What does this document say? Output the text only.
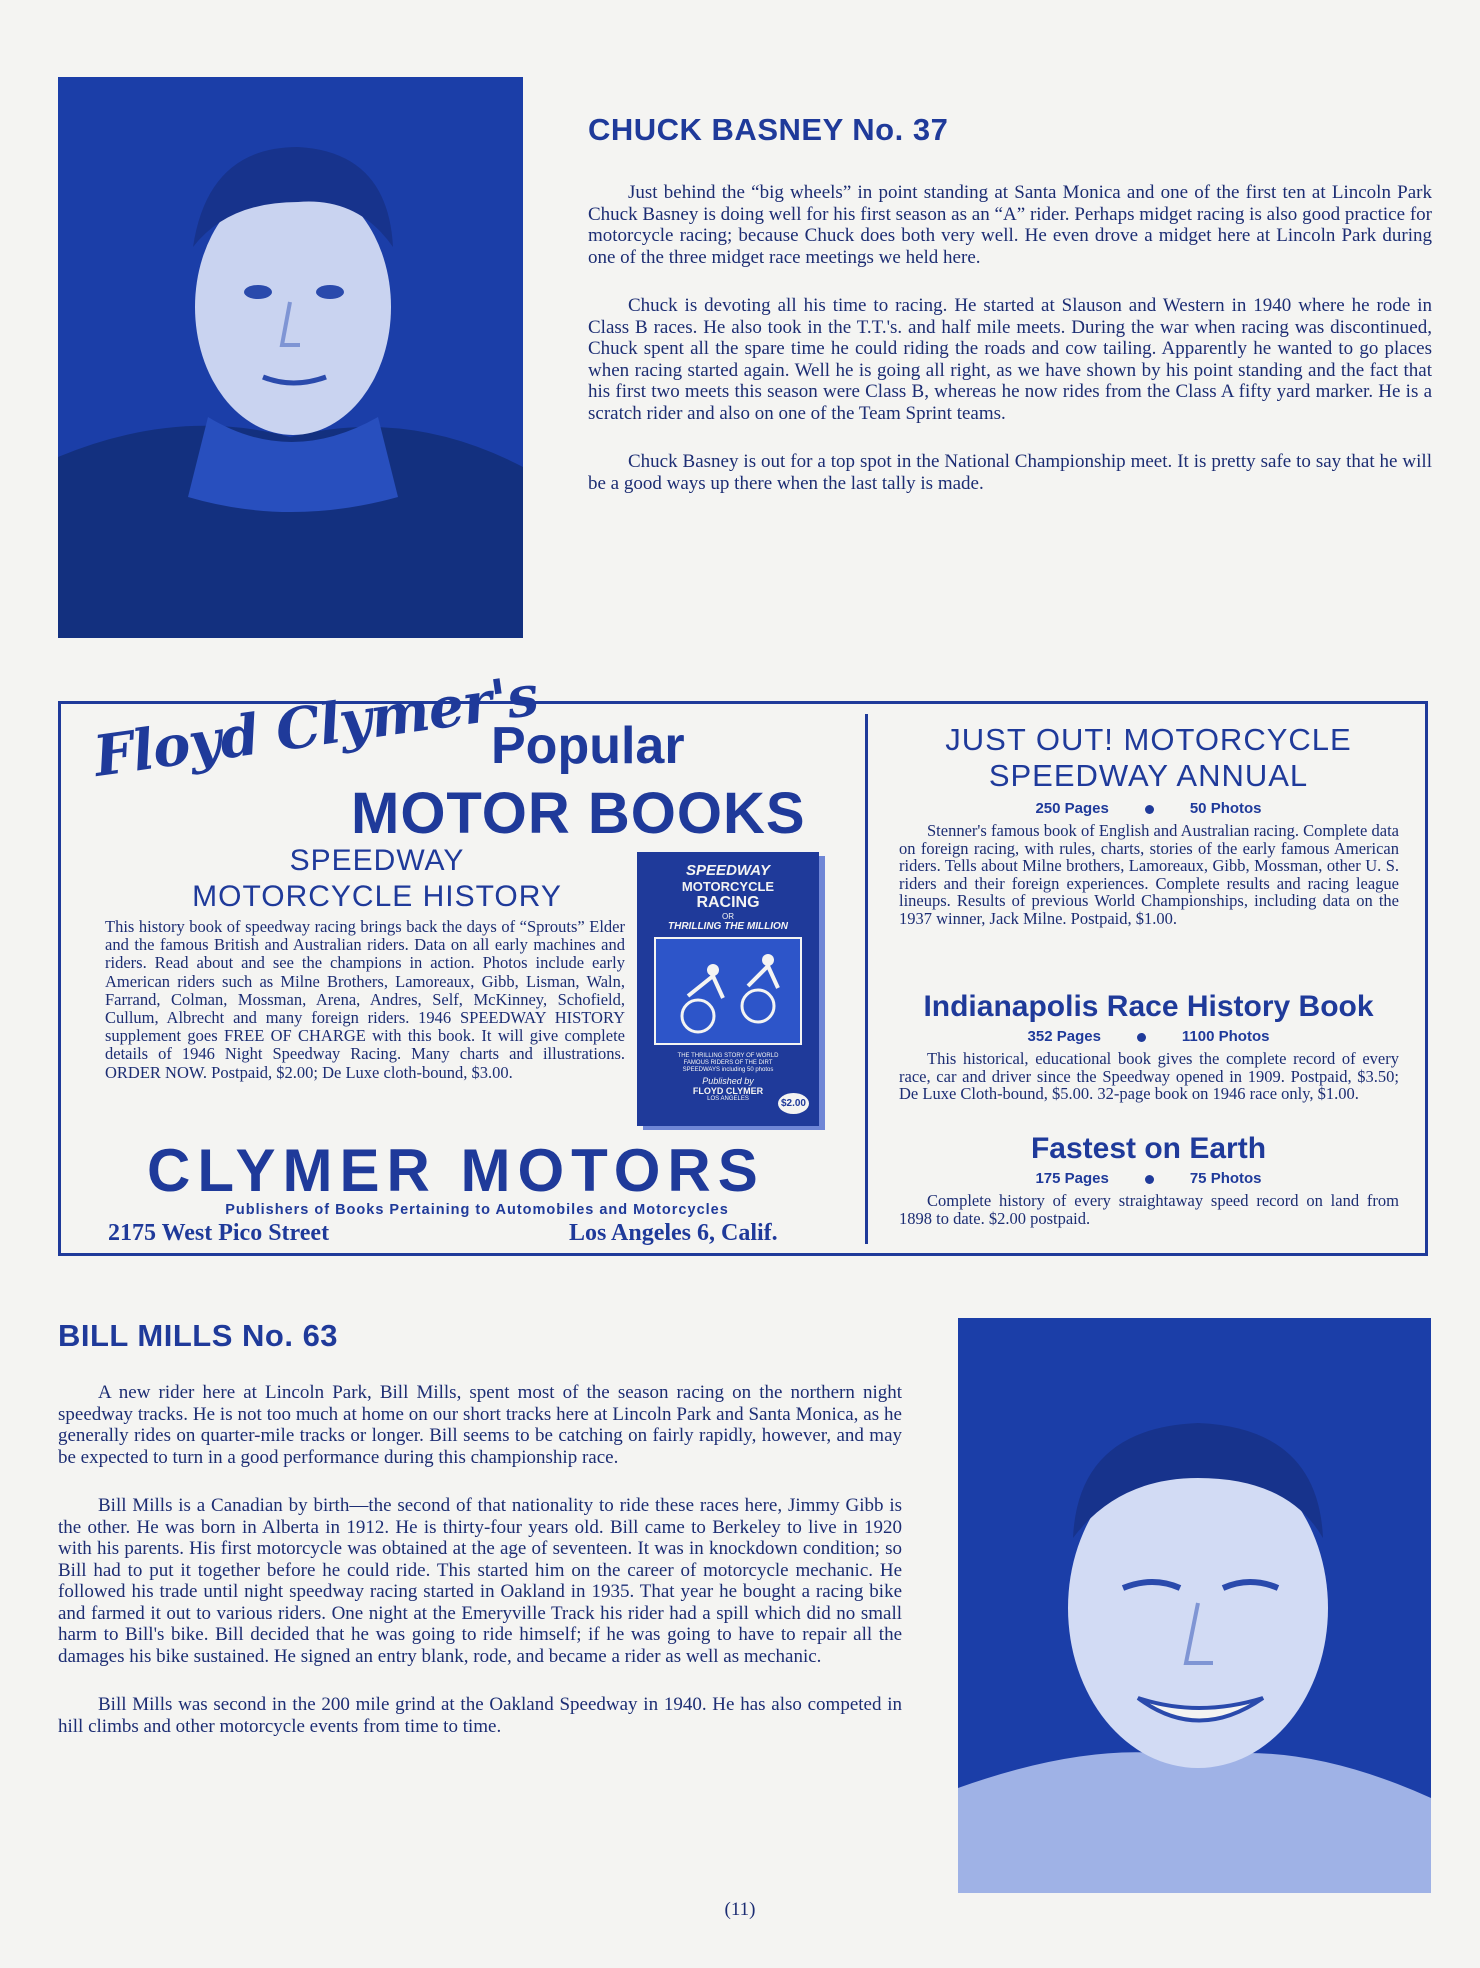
CHUCK BASNEY No. 37

Just behind the “big wheels” in point standing at Santa Monica and one of the first ten at Lincoln Park Chuck Basney is doing well for his first season as an “A” rider. Perhaps midget racing is also good practice for motorcycle racing; because Chuck does both very well. He even drove a midget here at Lincoln Park during one of the three midget race meetings we held here.

Chuck is devoting all his time to racing. He started at Slauson and Western in 1940 where he rode in Class B races. He also took in the T.T.'s. and half mile meets. During the war when racing was discontinued, Chuck spent all the spare time he could riding the roads and cow tailing. Apparently he wanted to go places when racing started again. Well he is going all right, as we have shown by his point standing and the fact that his first two meets this season were Class B, whereas he now rides from the Class A fifty yard marker. He is a scratch rider and also on one of the Team Sprint teams.

Chuck Basney is out for a top spot in the National Championship meet. It is pretty safe to say that he will be a good ways up there when the last tally is made.

Floyd Clymer's
Popular
MOTOR BOOKS
SPEEDWAY
MOTORCYCLE HISTORY
This history book of speedway racing brings back the days of “Sprouts” Elder and the famous British and Australian riders. Data on all early machines and riders. Read about and see the champions in action. Photos include early American riders such as Milne Brothers, Lamoreaux, Gibb, Lisman, Waln, Farrand, Colman, Mossman, Arena, Andres, Self, McKinney, Schofield, Cullum, Albrecht and many foreign riders. 1946 SPEEDWAY HISTORY supplement goes FREE OF CHARGE with this book. It will give complete details of 1946 Night Speedway Racing. Many charts and illustrations. ORDER NOW. Postpaid, $2.00; De Luxe cloth-bound, $3.00.
SPEEDWAY
MOTORCYCLE
RACING
OR
THRILLING THE MILLION
THE THRILLING STORY OF WORLD FAMOUS RIDERS OF THE DIRT SPEEDWAYS including 50 photos
Published by
FLOYD CLYMER
LOS ANGELES	$2.00
CLYMER MOTORS
Publishers of Books Pertaining to Automobiles and Motorcycles
2175 West Pico Street	Los Angeles 6, Calif.
JUST OUT! MOTORCYCLE
SPEEDWAY ANNUAL
250 Pages	50 Photos

Stenner's famous book of English and Australian racing. Complete data on foreign racing, with rules, charts, stories of the early famous American riders. Tells about Milne brothers, Lamoreaux, Gibb, Mossman, other U. S. riders and their foreign experiences. Complete results and racing league lineups. Results of previous World Championships, including data on the 1937 winner, Jack Milne. Postpaid, $1.00.

Indianapolis Race History Book
352 Pages	1100 Photos

This historical, educational book gives the complete record of every race, car and driver since the Speedway opened in 1909. Postpaid, $3.50; De Luxe Cloth-bound, $5.00. 32-page book on 1946 race only, $1.00.

Fastest on Earth
175 Pages	75 Photos

Complete history of every straightaway speed record on land from 1898 to date. $2.00 postpaid.

BILL MILLS No. 63

A new rider here at Lincoln Park, Bill Mills, spent most of the season racing on the northern night speedway tracks. He is not too much at home on our short tracks here at Lincoln Park and Santa Monica, as he generally rides on quarter-mile tracks or longer. Bill seems to be catching on fairly rapidly, however, and may be expected to turn in a good performance during this championship race.

Bill Mills is a Canadian by birth—the second of that nationality to ride these races here, Jimmy Gibb is the other. He was born in Alberta in 1912. He is thirty-four years old. Bill came to Berkeley to live in 1920 with his parents. His first motorcycle was obtained at the age of seventeen. It was in knockdown condition; so Bill had to put it together before he could ride. This started him on the career of motorcycle mechanic. He followed his trade until night speedway racing started in Oakland in 1935. That year he bought a racing bike and farmed it out to various riders. One night at the Emeryville Track his rider had a spill which did no small harm to Bill's bike. Bill decided that he was going to ride himself; if he was going to have to repair all the damages his bike sustained. He signed an entry blank, rode, and became a rider as well as mechanic.

Bill Mills was second in the 200 mile grind at the Oakland Speedway in 1940. He has also competed in hill climbs and other motorcycle events from time to time.

(11)
